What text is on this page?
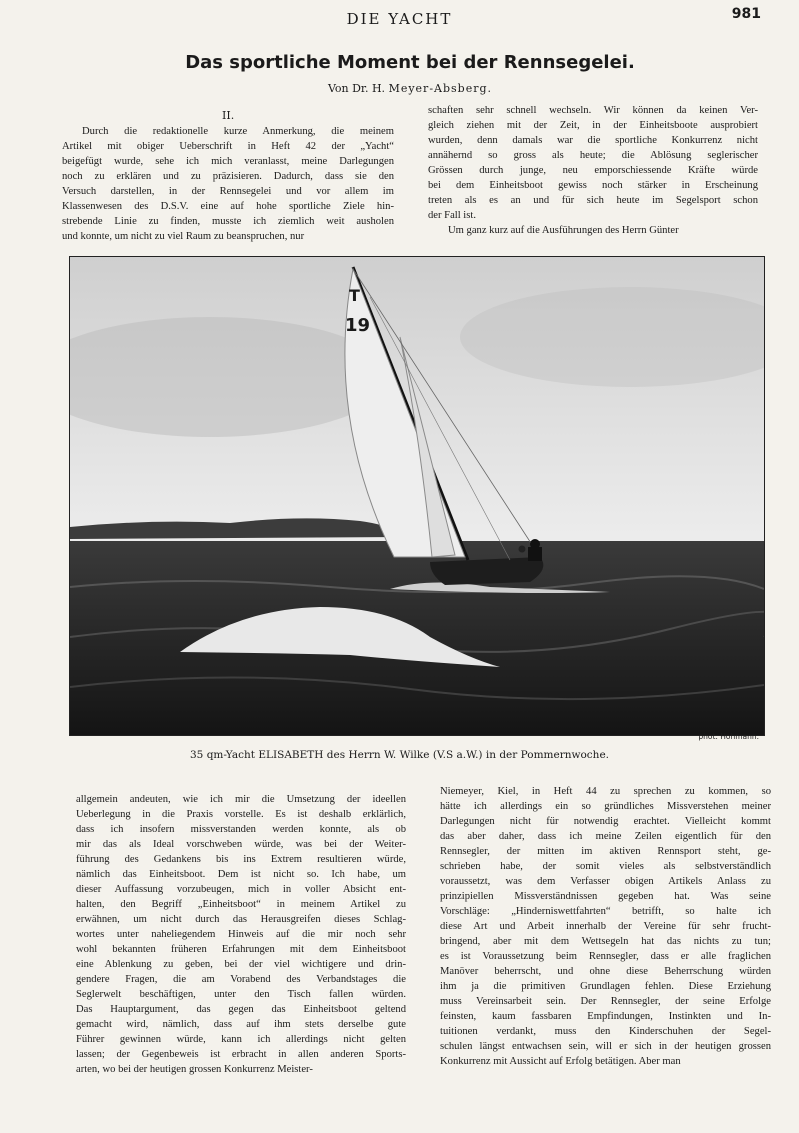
DIE YACHT	981
Das sportliche Moment bei der Rennsegelei.
Von Dr. H. Meyer-Absberg.
II.
Durch die redaktionelle kurze Anmerkung, die meinem
Artikel mit obiger Ueberschrift in Heft 42 der „Yacht“
beigefügt wurde, sehe ich mich veranlasst, meine Darlegungen
noch zu erklären und zu präzisieren. Dadurch, dass sie den
Versuch darstellen, in der Rennsegelei und vor allem im
Klassenwesen des D.S.V. eine auf hohe sportliche Ziele hin-
strebende Linie zu finden, musste ich ziemlich weit ausholen
und konnte, um nicht zu viel Raum zu beanspruchen, nur
schaften sehr schnell wechseln. Wir können da keinen Ver-
gleich ziehen mit der Zeit, in der Einheitsboote ausprobiert
wurden, denn damals war die sportliche Konkurrenz nicht
annähernd so gross als heute; die Ablösung seglerischer
Grössen durch junge, neu emporschiessende Kräfte würde
bei dem Einheitsboot gewiss noch stärker in Erscheinung
treten als es an und für sich heute im Segelsport schon
der Fall ist.
Um ganz kurz auf die Ausführungen des Herrn Günter
T
19
phot. Hohmann.
35 qm-Yacht ELISABETH des Herrn W. Wilke (V.S a.W.) in der Pommernwoche.
allgemein andeuten, wie ich mir die Umsetzung der ideellen
Ueberlegung in die Praxis vorstelle. Es ist deshalb erklärlich,
dass ich insofern missverstanden werden konnte, als ob
mir das als Ideal vorschweben würde, was bei der Weiter-
führung des Gedankens bis ins Extrem resultieren würde,
nämlich das Einheitsboot. Dem ist nicht so. Ich habe, um
dieser Auffassung vorzubeugen, mich in voller Absicht ent-
halten, den Begriff „Einheitsboot“ in meinem Artikel zu
erwähnen, um nicht durch das Herausgreifen dieses Schlag-
wortes unter naheliegendem Hinweis auf die mir noch sehr
wohl bekannten früheren Erfahrungen mit dem Einheitsboot
eine Ablenkung zu geben, bei der viel wichtigere und drin-
gendere Fragen, die am Vorabend des Verbandstages die
Seglerwelt beschäftigen, unter den Tisch fallen würden.
Das Hauptargument, das gegen das Einheitsboot geltend
gemacht wird, nämlich, dass auf ihm stets derselbe gute
Führer gewinnen würde, kann ich allerdings nicht gelten
lassen; der Gegenbeweis ist erbracht in allen anderen Sports-
arten, wo bei der heutigen grossen Konkurrenz Meister-
Niemeyer, Kiel, in Heft 44 zu sprechen zu kommen, so
hätte ich allerdings ein so gründliches Missverstehen meiner
Darlegungen nicht für notwendig erachtet. Vielleicht kommt
das aber daher, dass ich meine Zeilen eigentlich für den
Rennsegler, der mitten im aktiven Rennsport steht, ge-
schrieben habe, der somit vieles als selbstverständlich
voraussetzt, was dem Verfasser obigen Artikels Anlass zu
prinzipiellen Missverständnissen gegeben hat. Was seine
Vorschläge: „Hinderniswettfahrten“ betrifft, so halte ich
diese Art und Arbeit innerhalb der Vereine für sehr frucht-
bringend, aber mit dem Wettsegeln hat das nichts zu tun;
es ist Voraussetzung beim Rennsegler, dass er alle fraglichen
Manöver beherrscht, und ohne diese Beherrschung würden
ihm ja die primitiven Grundlagen fehlen. Diese Erziehung
muss Vereinsarbeit sein. Der Rennsegler, der seine Erfolge
feinsten, kaum fassbaren Empfindungen, Instinkten und In-
tuitionen verdankt, muss den Kinderschuhen der Segel-
schulen längst entwachsen sein, will er sich in der heutigen grossen
Konkurrenz mit Aussicht auf Erfolg betätigen. Aber man
